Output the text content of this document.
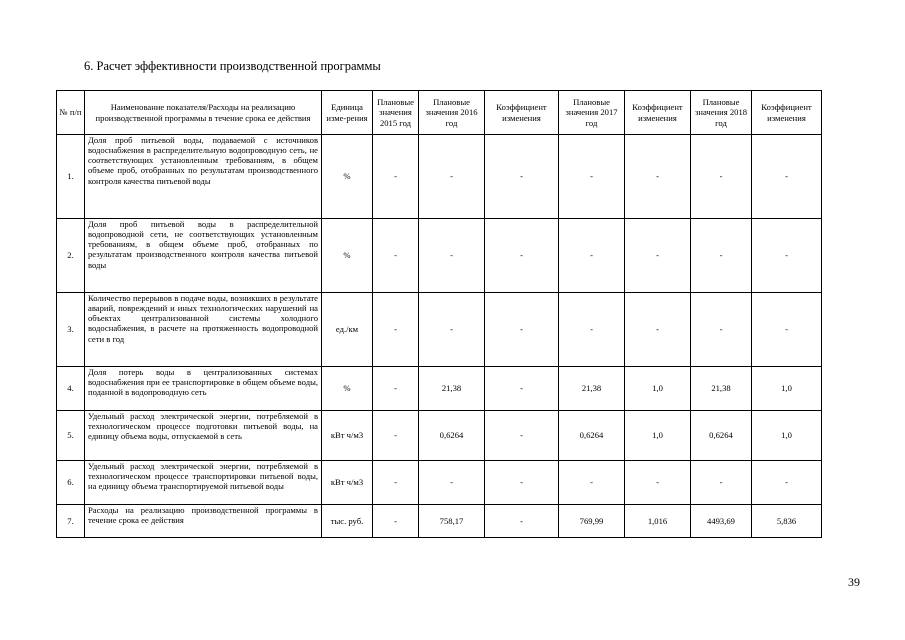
6. Расчет эффективности производственной программы
№ п/п	Наименование показателя/Расходы на реализацию производственной программы в течение срока ее действия	Единица изме-рения	Плановые значения 2015 год	Плановые значения 2016 год	Коэффициент изменения	Плановые значения 2017 год	Коэффициент изменения	Плановые значения 2018 год	Коэффициент изменения
1.	Доля проб питьевой воды, подаваемой с источников водоснабжения в распределительную водопроводную сеть, не соответствующих установленным требованиям, в общем объеме проб, отобранных по результатам производственного контроля качества питьевой воды	%	-	-	-	-	-	-	-
2.	Доля проб питьевой воды в распределительной водопроводной сети, не соответствующих установленным требованиям, в общем объеме проб, отобранных по результатам производственного контроля качества питьевой воды	%	-	-	-	-	-	-	-
3.	Количество перерывов в подаче воды, возникших в результате аварий, повреждений и иных технологических нарушений на объектах централизованной системы холодного водоснабжения, в расчете на протяженность водопроводной сети в год	ед./км	-	-	-	-	-	-	-
4.	Доля потерь воды в централизованных системах водоснабжения при ее транспортировке в общем объеме воды, поданной в водопроводную сеть	%	-	21,38	-	21,38	1,0	21,38	1,0
5.	Удельный расход электрической энергии, потребляемой в технологическом процессе подготовки питьевой воды, на единицу объема воды, отпускаемой в сеть	кВт ч/м3	-	0,6264	-	0,6264	1,0	0,6264	1,0
6.	Удельный расход электрической энергии, потребляемой в технологическом процессе транспортировки питьевой воды, на единицу объема транспортируемой питьевой воды	кВт ч/м3	-	-	-	-	-	-	-
7.	Расходы на реализацию производственной программы в течение срока ее действия	тыс. руб.	-	758,17	-	769,99	1,016	4493,69	5,836
39
